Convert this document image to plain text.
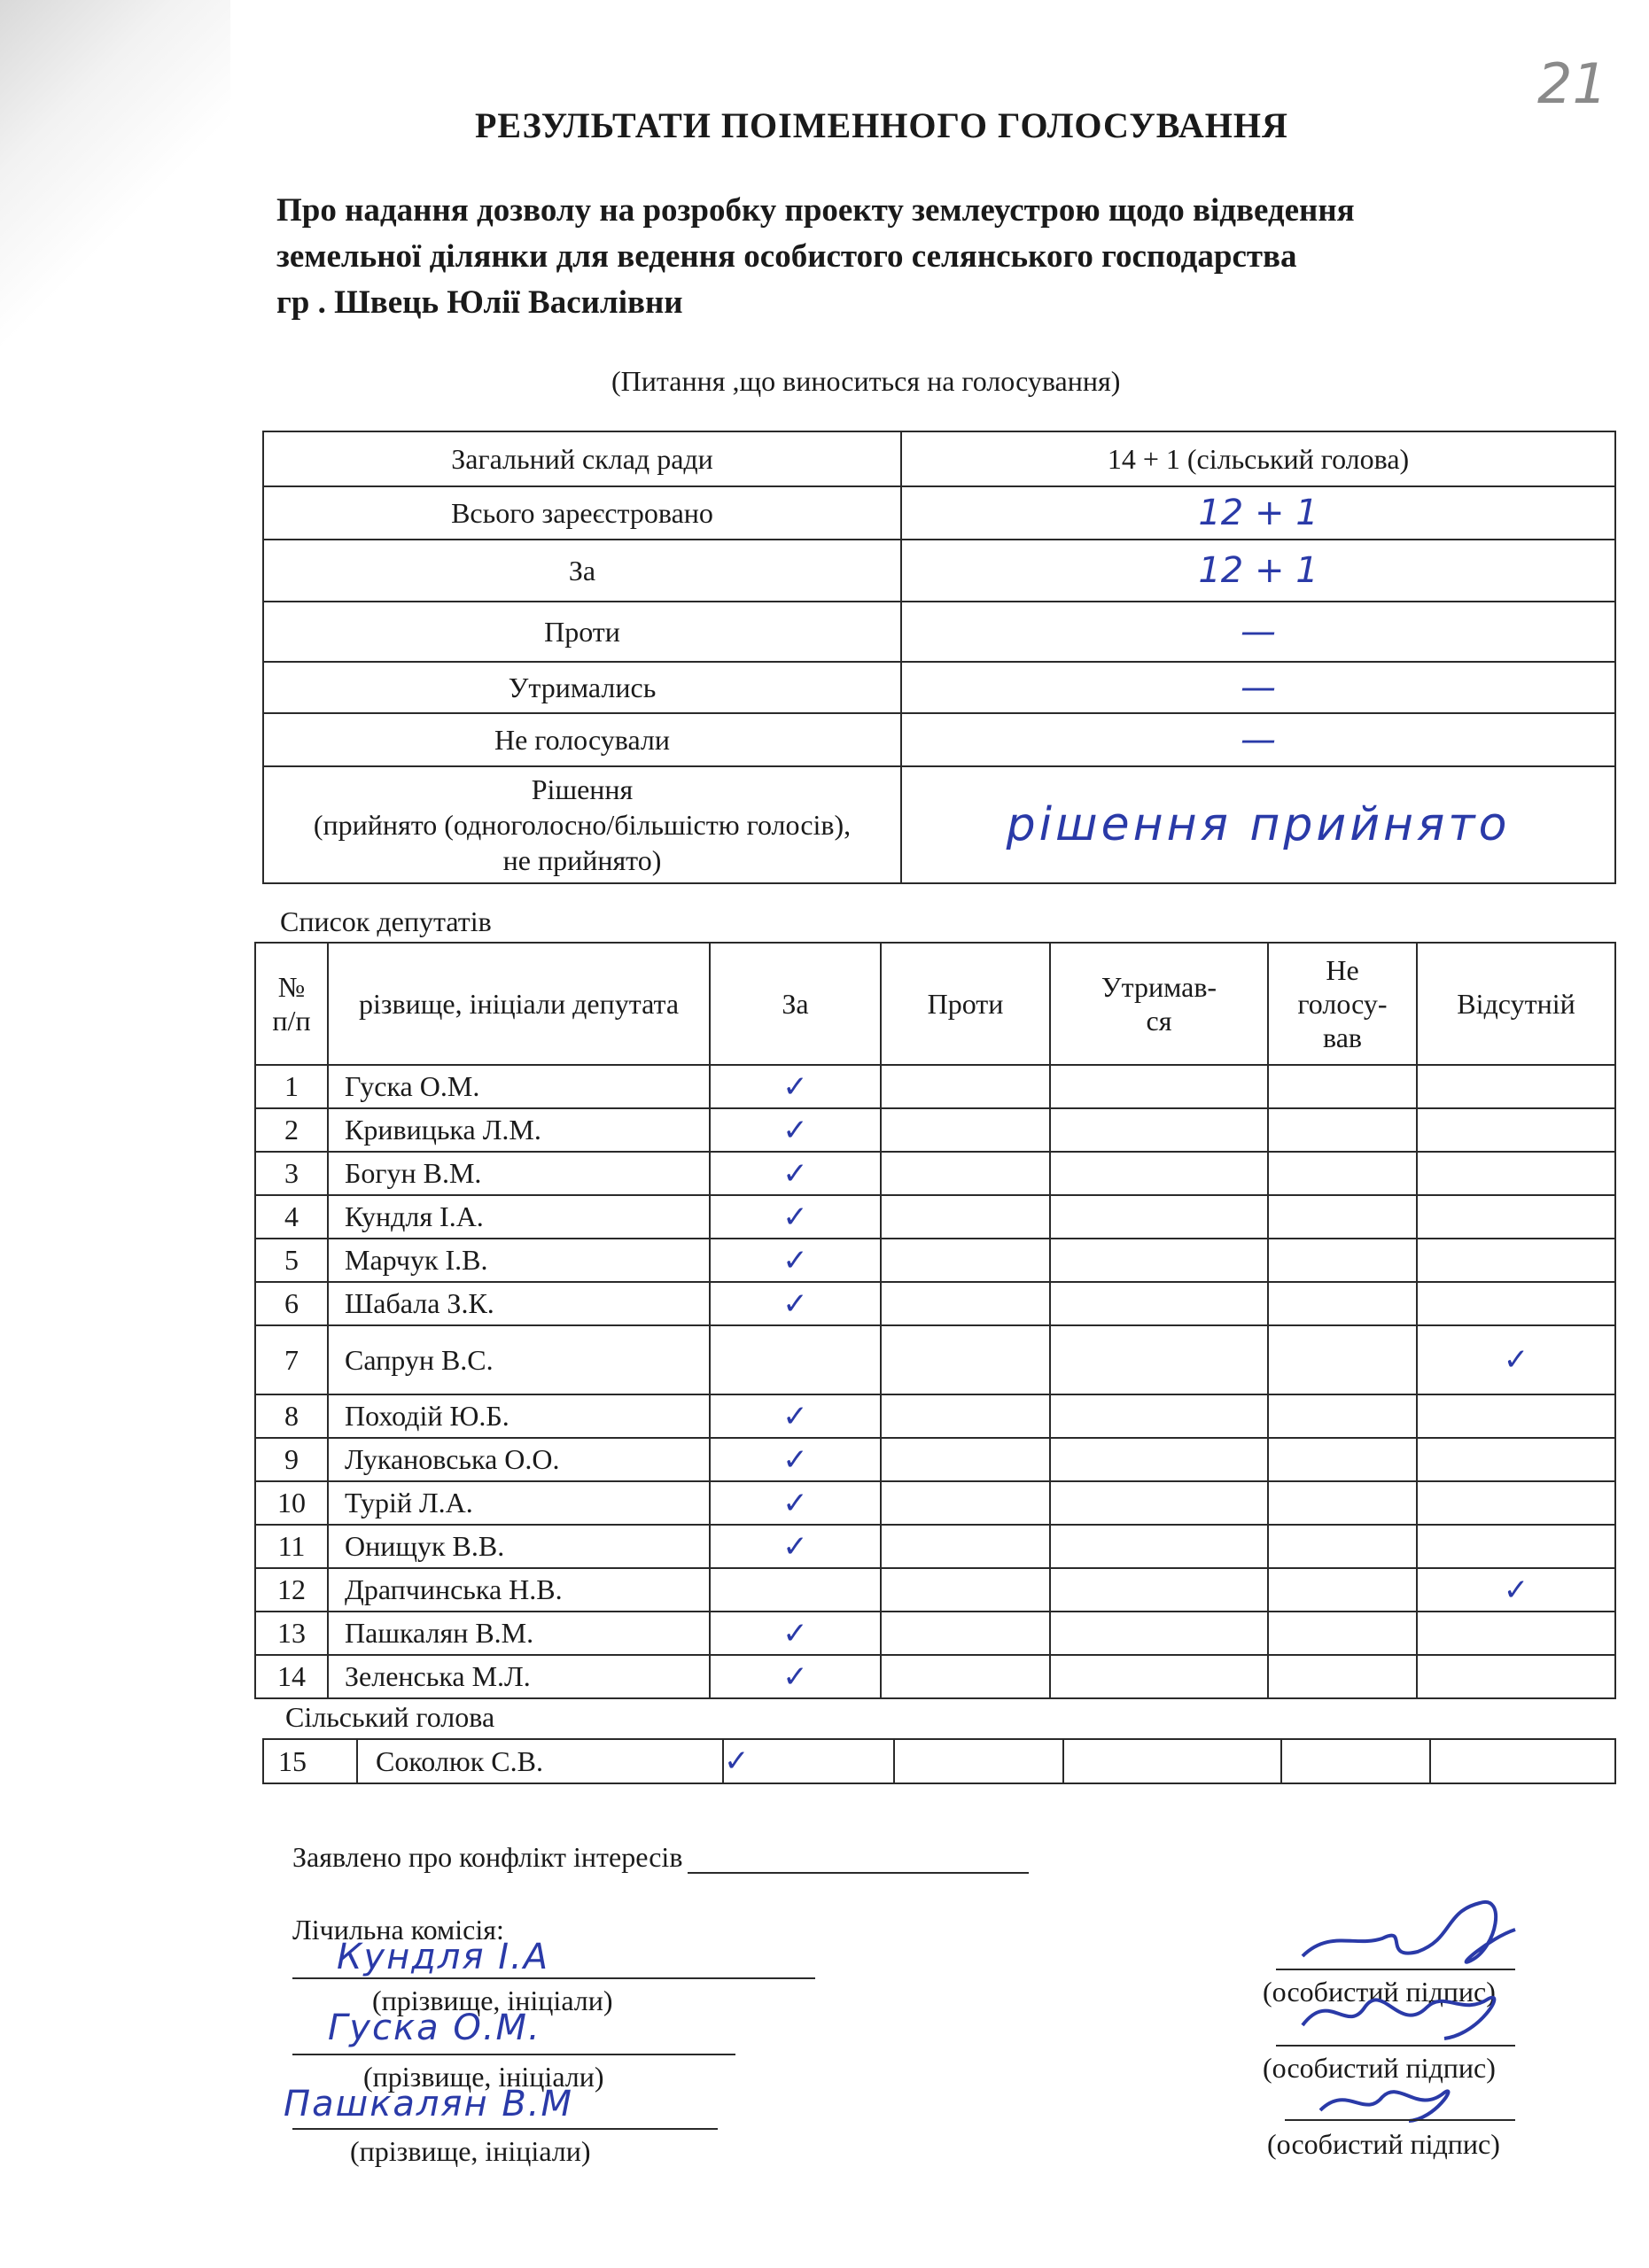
21
РЕЗУЛЬТАТИ ПОІМЕННОГО ГОЛОСУВАННЯ
Про надання дозволу на розробку проекту землеустрою щодо відведення
земельної ділянки для ведення особистого селянського господарства
гр . Швець Юлії Василівни
(Питання ,що виноситься на голосування)
Загальний склад ради	14 + 1 (сільський голова)
Всього зареєстровано	12 + 1
За	12 + 1
Проти	—
Утримались	—
Не голосували	—

Рішення
(прийнято (одноголосно/більшістю голосів),
не прийнято)	рішення прийнято
Список депутатів
№
п/п	різвище, ініціали депутата	За	Проти	Утримав-
ся	Не
голосу-
вав	Відсутній
1	Гуска О.М.	✓				
2	Кривицька Л.М.	✓				
3	Богун В.М.	✓				
4	Кундля І.А.	✓				
5	Марчук І.В.	✓				
6	Шабала З.К.	✓				
7	Сапрун В.С.					✓
8	Походій Ю.Б.	✓				
9	Лукановська О.О.	✓				
10	Турій Л.А.	✓				
11	Онищук В.В.	✓				
12	Драпчинська Н.В.					✓
13	Пашкалян В.М.	✓				
14	Зеленська М.Л.	✓				
Сільський голова
15	Соколюк С.В.	✓				
Заявлено про конфлікт інтересів
Лічильна комісія:
Кундля І.А
(прізвище, ініціали)
Гуска О.М.
(прізвище, ініціали)
Пашкалян В.М
(прізвище, ініціали)
(особистий підпис)
(особистий підпис)
(особистий підпис)
